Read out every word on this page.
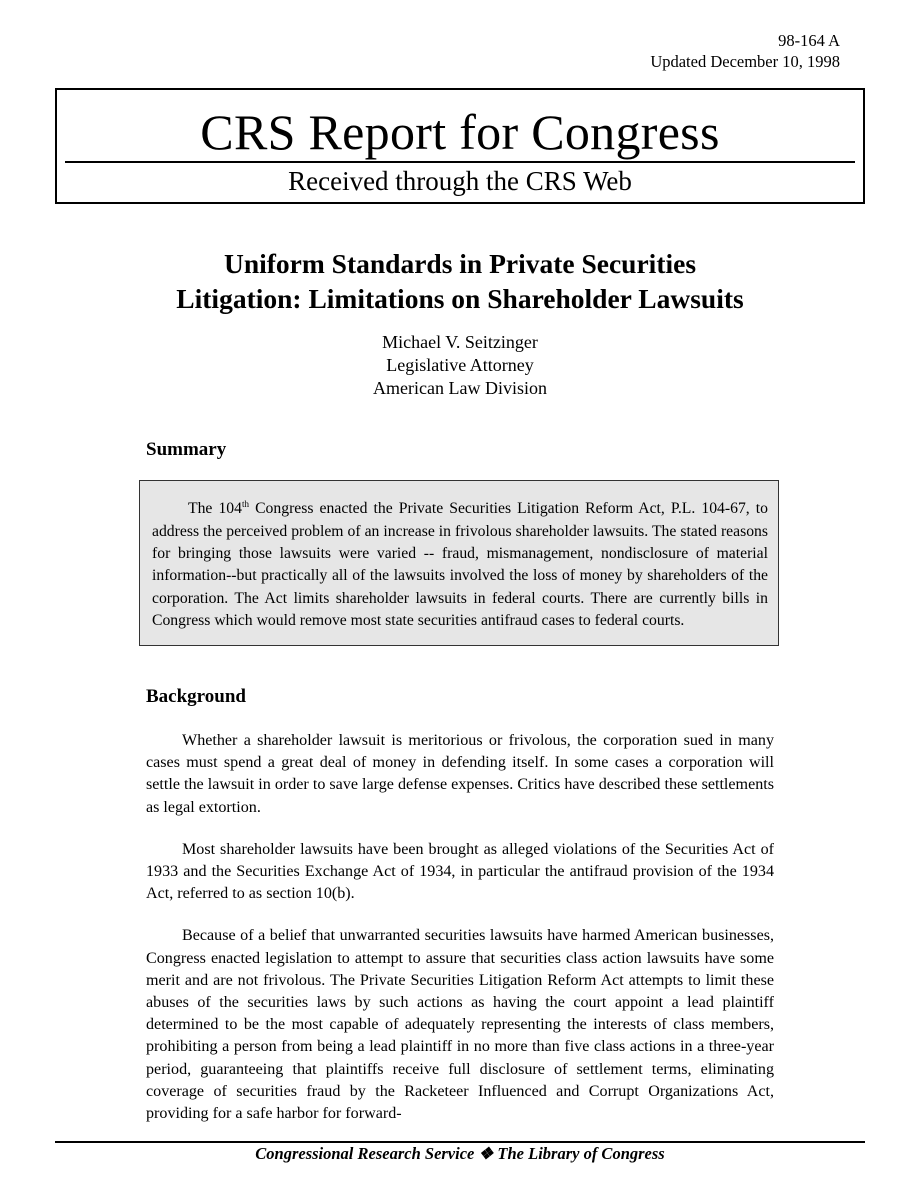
98-164 A
Updated December 10, 1998
CRS Report for Congress
Received through the CRS Web
Uniform Standards in Private Securities
Litigation: Limitations on Shareholder Lawsuits
Michael V. Seitzinger
Legislative Attorney
American Law Division
Summary

The 104th Congress enacted the Private Securities Litigation Reform Act, P.L. 104-67, to address the perceived problem of an increase in frivolous shareholder lawsuits. The stated reasons for bringing those lawsuits were varied -- fraud, mismanagement, nondisclosure of material information--but practically all of the lawsuits involved the loss of money by shareholders of the corporation. The Act limits shareholder lawsuits in federal courts. There are currently bills in Congress which would remove most state securities antifraud cases to federal courts.

Background

Whether a shareholder lawsuit is meritorious or frivolous, the corporation sued in many cases must spend a great deal of money in defending itself. In some cases a corporation will settle the lawsuit in order to save large defense expenses. Critics have described these settlements as legal extortion.

Most shareholder lawsuits have been brought as alleged violations of the Securities Act of 1933 and the Securities Exchange Act of 1934, in particular the antifraud provision of the 1934 Act, referred to as section 10(b).

Because of a belief that unwarranted securities lawsuits have harmed American businesses, Congress enacted legislation to attempt to assure that securities class action lawsuits have some merit and are not frivolous. The Private Securities Litigation Reform Act attempts to limit these abuses of the securities laws by such actions as having the court appoint a lead plaintiff determined to be the most capable of adequately representing the interests of class members, prohibiting a person from being a lead plaintiff in no more than five class actions in a three-year period, guaranteeing that plaintiffs receive full disclosure of settlement terms, eliminating coverage of securities fraud by the Racketeer Influenced and Corrupt Organizations Act, providing for a safe harbor for forward-

Congressional Research Service ❖ The Library of Congress
